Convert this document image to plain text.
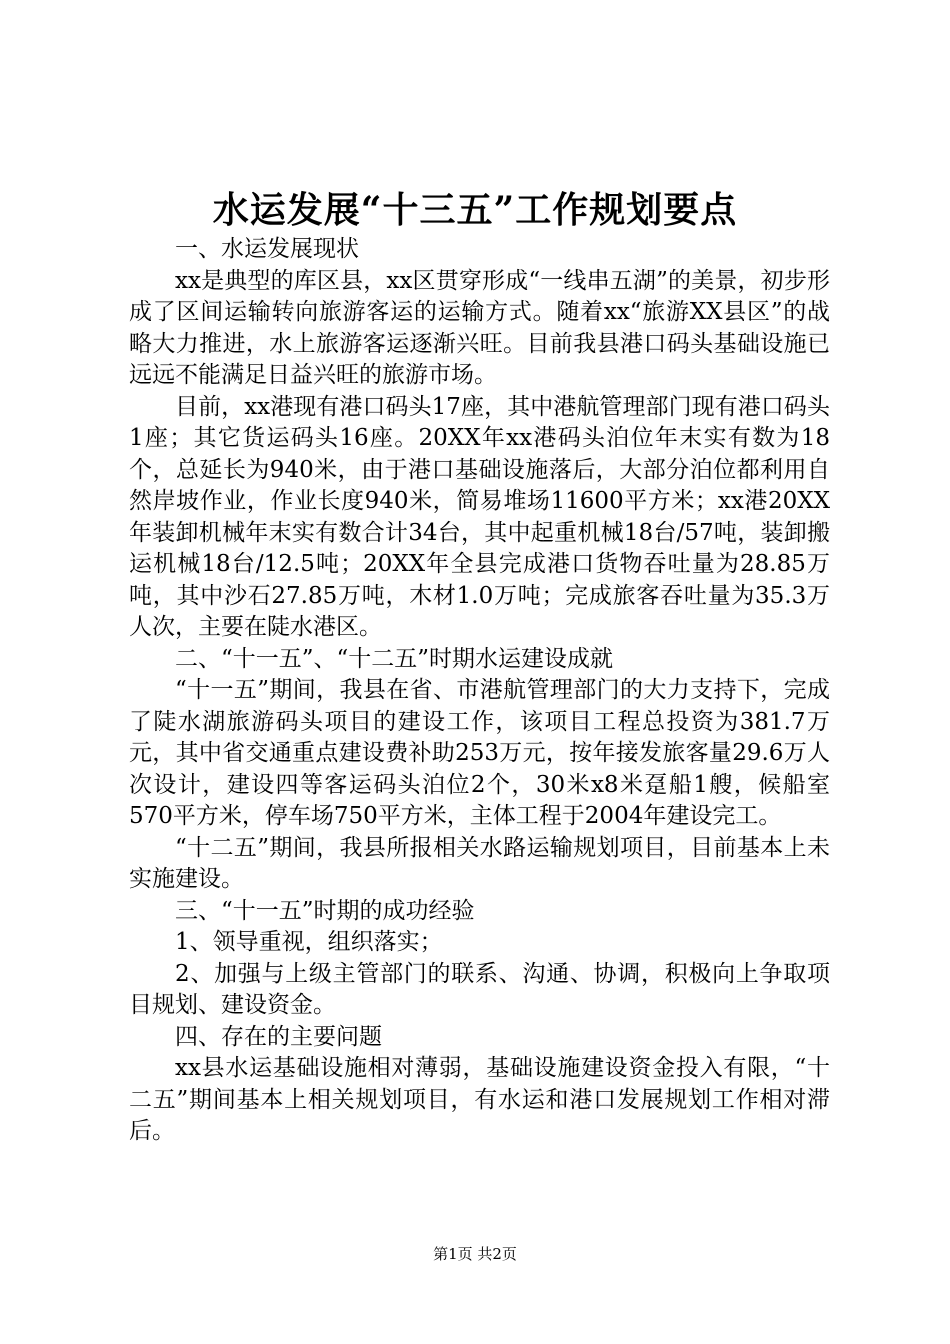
水运发展“十三五”工作规划要点

一、水运发展现状

xx是典型的库区县，xx区贯穿形成“一线串五湖”的美景，初步形成了区间运输转向旅游客运的运输方式。随着xx“旅游XX县区”的战略大力推进，水上旅游客运逐渐兴旺。目前我县港口码头基础设施已远远不能满足日益兴旺的旅游市场。

目前，xx港现有港口码头17座，其中港航管理部门现有港口码头1座；其它货运码头16座。20XX年xx港码头泊位年末实有数为18个，总延长为940米，由于港口基础设施落后，大部分泊位都利用自然岸坡作业，作业长度940米，简易堆场11600平方米；xx港20XX年装卸机械年末实有数合计34台，其中起重机械18台/57吨，装卸搬运机械18台/12.5吨；20XX年全县完成港口货物吞吐量为28.85万吨，其中沙石27.85万吨，木材1.0万吨；完成旅客吞吐量为35.3万人次，主要在陡水港区。

二、“十一五”、“十二五”时期水运建设成就

“十一五”期间，我县在省、市港航管理部门的大力支持下，完成了陡水湖旅游码头项目的建设工作，该项目工程总投资为381.7万元，其中省交通重点建设费补助253万元，按年接发旅客量29.6万人次设计，建设四等客运码头泊位2个，30米x8米趸船1艘，候船室570平方米，停车场750平方米，主体工程于2004年建设完工。

“十二五”期间，我县所报相关水路运输规划项目，目前基本上未实施建设。

三、“十一五”时期的成功经验

1、领导重视，组织落实；

2、加强与上级主管部门的联系、沟通、协调，积极向上争取项目规划、建设资金。

四、存在的主要问题

xx县水运基础设施相对薄弱，基础设施建设资金投入有限，“十二五”期间基本上相关规划项目，有水运和港口发展规划工作相对滞后。

第1页 共2页
